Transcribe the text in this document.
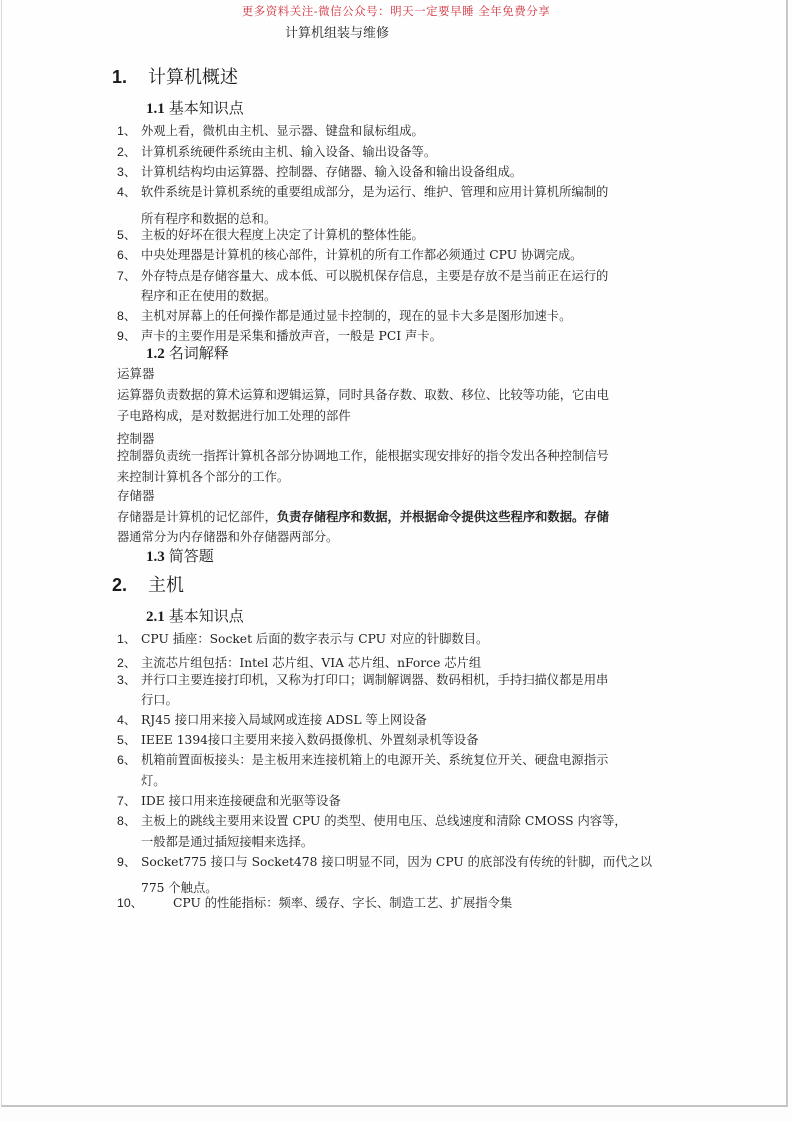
更多资料关注-微信公众号：明天一定要早睡 全年免费分享
计算机组装与维修
1. 计算机概述
1.1 基本知识点
1、 外观上看，微机由主机、显示器、键盘和鼠标组成。
2、 计算机系统硬件系统由主机、输入设备、输出设备等。
3、 计算机结构均由运算器、控制器、存储器、输入设备和输出设备组成。
4、 软件系统是计算机系统的重要组成部分，是为运行、维护、管理和应用计算机所编制的
所有程序和数据的总和。
5、 主板的好坏在很大程度上决定了计算机的整体性能。
6、 中央处理器是计算机的核心部件，计算机的所有工作都必须通过 CPU 协调完成。
7、 外存特点是存储容量大、成本低、可以脱机保存信息，主要是存放不是当前正在运行的
程序和正在使用的数据。
8、 主机对屏幕上的任何操作都是通过显卡控制的，现在的显卡大多是图形加速卡。
9、 声卡的主要作用是采集和播放声音，一般是 PCI 声卡。
1.2 名词解释
运算器
运算器负责数据的算术运算和逻辑运算，同时具备存数、取数、移位、比较等功能，它由电
子电路构成，是对数据进行加工处理的部件
控制器
控制器负责统一指挥计算机各部分协调地工作，能根据实现安排好的指令发出各种控制信号
来控制计算机各个部分的工作。
存储器
存储器是计算机的记忆部件，负责存储程序和数据，并根据命令提供这些程序和数据。存储
器通常分为内存储器和外存储器两部分。
1.3 简答题
2. 主机
2.1 基本知识点
1、 CPU 插座：Socket 后面的数字表示与 CPU 对应的针脚数目。
2、 主流芯片组包括：Intel 芯片组、VIA 芯片组、nForce 芯片组
3、 并行口主要连接打印机，又称为打印口；调制解调器、数码相机，手持扫描仪都是用串
行口。
4、 RJ45 接口用来接入局域网或连接 ADSL 等上网设备
5、 IEEE 1394接口主要用来接入数码摄像机、外置刻录机等设备
6、 机箱前置面板接头：是主板用来连接机箱上的电源开关、系统复位开关、硬盘电源指示
灯。
7、 IDE 接口用来连接硬盘和光驱等设备
8、 主板上的跳线主要用来设置 CPU 的类型、使用电压、总线速度和清除 CMOSS 内容等，
一般都是通过插短接帽来选择。
9、 Socket775 接口与 Socket478 接口明显不同，因为 CPU 的底部没有传统的针脚，而代之以
775 个触点。
10、 CPU 的性能指标：频率、缓存、字长、制造工艺、扩展指令集
